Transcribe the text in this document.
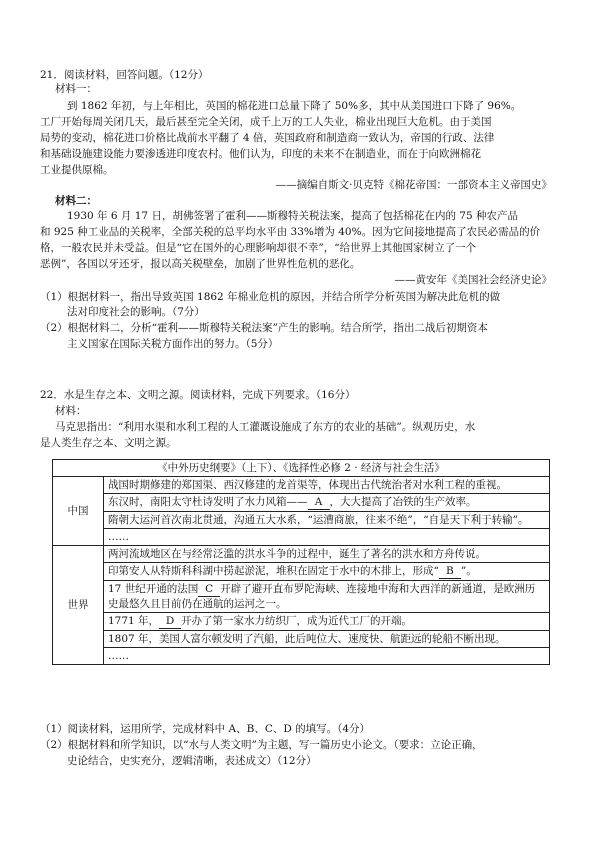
21．阅读材料，回答问题。（12分）
材料一：
到 1862 年初，与上年相比，英国的棉花进口总量下降了 50%多，其中从美国进口下降了 96%。
工厂开始每周关闭几天，最后甚至完全关闭，成千上万的工人失业，棉业出现巨大危机。由于美国
局势的变动，棉花进口价格比战前水平翻了 4 倍，英国政府和制造商一致认为，帝国的行政、法律
和基础设施建设能力要渗透进印度农村。他们认为，印度的未来不在制造业，而在于向欧洲棉花
工业提供原棉。
——摘编自斯文·贝克特《棉花帝国：一部资本主义帝国史》
材料二：
1930 年 6 月 17 日，胡佛签署了霍利——斯穆特关税法案，提高了包括棉花在内的 75 种农产品
和 925 种工业品的关税率，全部关税的总平均水平由 33%增为 40%。因为它间接地提高了农民必需品的价
格，一般农民并未受益。但是“它在国外的心理影响却很不幸”，“给世界上其他国家树立了一个
恶例”，各国以牙还牙，报以高关税壁垒，加剧了世界性危机的恶化。
——黄安年《美国社会经济史论》
（1）根据材料一，指出导致英国 1862 年棉业危机的原因，并结合所学分析英国为解决此危机的做
法对印度社会的影响。（7分）
（2）根据材料二，分析“霍利——斯穆特关税法案”产生的影响。结合所学，指出二战后初期资本
主义国家在国际关税方面作出的努力。（5分）
22．水是生存之本、文明之源。阅读材料，完成下列要求。（16分）
材料：
马克思指出：“利用水渠和水利工程的人工灌溉设施成了东方的农业的基础”。纵观历史，水
是人类生存之本、文明之源。
《中外历史纲要》（上下）、《选择性必修 2 · 经济与社会生活》	
中国	战国时期修建的郑国渠、西汉修建的龙首渠等，体现出古代统治者对水利工程的重视。
	东汉时，南阳太守杜诗发明了水力风箱—— A ，大大提高了冶铁的生产效率。
	隋朝大运河首次南北贯通，沟通五大水系，“运漕商旅，往来不绝”，“自是天下利于转输”。
	……
世界	两河流域地区在与经常泛滥的洪水斗争的过程中，诞生了著名的洪水和方舟传说。
	印第安人从特斯科科湖中捞起淤泥，堆积在固定于水中的木排上，形成“ B ”。
	17 世纪开通的法国 C 开辟了避开直布罗陀海峡、连接地中海和大西洋的新通道，是欧洲历史最悠久且目前仍在通航的运河之一。
	1771 年， D 开办了第一家水力纺织厂，成为近代工厂的开端。
	1807 年，美国人富尔顿发明了汽船，此后吨位大、速度快、航距远的轮船不断出现。
	……
（1）阅读材料，运用所学，完成材料中 A、B、C、D 的填写。（4分）
（2）根据材料和所学知识，以“水与人类文明”为主题，写一篇历史小论文。（要求：立论正确，
史论结合，史实充分，逻辑清晰，表述成文）（12分）
